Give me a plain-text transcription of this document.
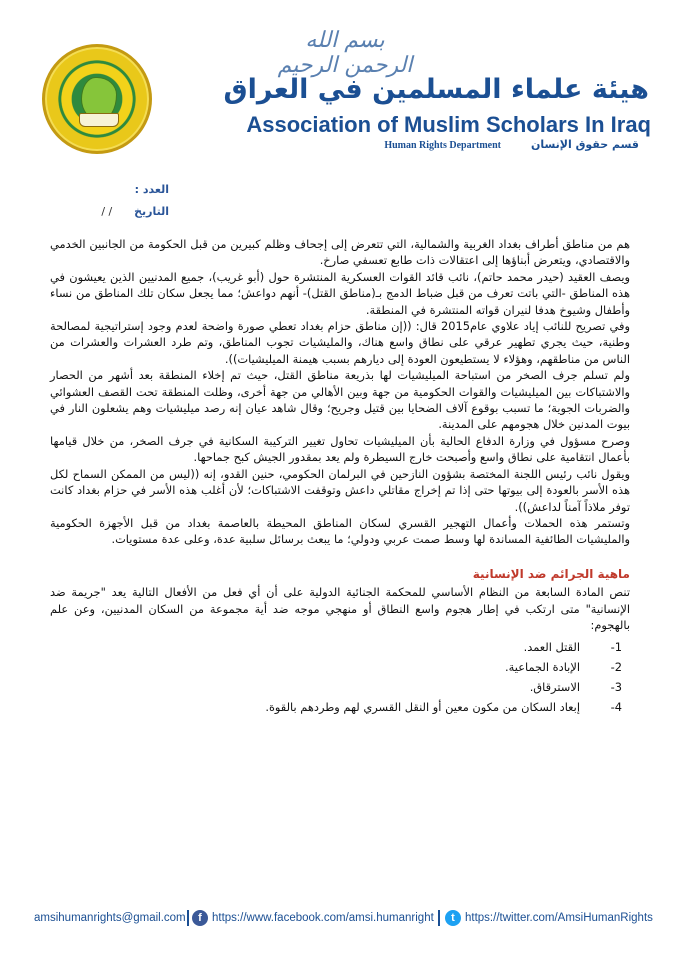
بسم الله الرحمن الرحيم
هيئة علماء المسلمين في العراق
Association of Muslim Scholars In Iraq
قسم حقوق الإنسان
Human Rights Department
العدد :
التاريخ / /

هم من مناطق أطراف بغداد الغربية والشمالية، التي تتعرض إلى إجحاف وظلم كبيرين من قبل الحكومة من الجانبين الخدمي والاقتصادي، ويتعرض أبناؤها إلى اعتقالات ذات طابع تعسفي صارخ.

ويصف العقيد (حيدر محمد حاتم)، نائب قائد القوات العسكرية المنتشرة حول (أبو غريب)، جميع المدنيين الذين يعيشون في هذه المناطق -التي باتت تعرف من قبل ضباط الدمج بـ(مناطق القتل)- أنهم دواعش؛ مما يجعل سكان تلك المناطق من نساء وأطفال وشيوخ هدفا لنيران قواته المنتشرة في المنطقة.

وفي تصريح للنائب إياد علاوي عام2015 قال: ((إن مناطق حزام بغداد تعطي صورة واضحة لعدم وجود إستراتيجية لمصالحة وطنية، حيث يجري تطهير عرقي على نطاق واسع هناك، والمليشيات تجوب المناطق، وتم طرد العشرات والعشرات من الناس من مناطقهم، وهؤلاء لا يستطيعون العودة إلى ديارهم بسبب هيمنة الميليشيات)).

ولم تسلم جرف الصخر من استباحة الميليشيات لها بذريعة مناطق القتل، حيث تم إخلاء المنطقة بعد أشهر من الحصار والاشتباكات بين الميليشيات والقوات الحكومية من جهة وبين الأهالي من جهة أخرى، وظلت المنطقة تحت القصف العشوائي والضربات الجوية؛ ما تسبب بوقوع آلاف الضحايا بين قتيل وجريح؛ وقال شاهد عيان إنه رصد ميليشيات وهم يشعلون النار في بيوت المدنين خلال هجومهم على المدينة.

وصرح مسؤول في وزارة الدفاع الحالية بأن الميليشيات تحاول تغيير التركيبة السكانية في جرف الصخر، من خلال قيامها بأعمال انتقامية على نطاق واسع وأصبحت خارج السيطرة ولم يعد بمقدور الجيش كبح جماحها.

ويقول نائب رئيس اللجنة المختصة بشؤون النازحين في البرلمان الحكومي، حنين القدو، إنه ((ليس من الممكن السماح لكل هذه الأسر بالعودة إلى بيوتها حتى إذا تم إخراج مقاتلي داعش وتوقفت الاشتباكات؛ لأن أغلب هذه الأسر في حزام بغداد كانت توفر ملاذاً آمناً لداعش)).

وتستمر هذه الحملات وأعمال التهجير القسري لسكان المناطق المحيطة بالعاصمة بغداد من قبل الأجهزة الحكومية والمليشيات الطائفية المساندة لها وسط صمت عربي ودولي؛ ما يبعث برسائل سلبية عدة، وعلى عدة مستويات.

ماهية الجرائم ضد الإنسانية

تنص المادة السابعة من النظام الأساسي للمحكمة الجنائية الدولية على أن أي فعل من الأفعال التالية يعد "جريمة ضد الإنسانية" متى ارتكب في إطار هجوم واسع النطاق أو منهجي موجه ضد أية مجموعة من السكان المدنيين، وعن علم بالهجوم:

1-
القتل العمد.
2-
الإبادة الجماعية.
3-
الاسترقاق.
4-
إبعاد السكان من مكون معين أو النقل القسري لهم وطردهم بالقوة.
amsihumanrights@gmail.com	f https://www.facebook.com/amsi.humanright	t https://twitter.com/AmsiHumanRights
